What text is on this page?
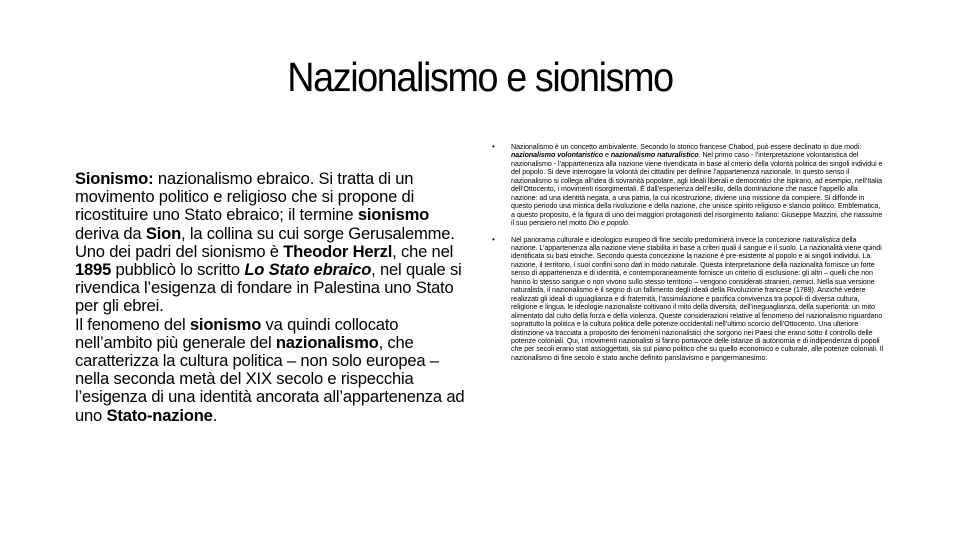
Nazionalismo e sionismo

Sionismo: nazionalismo ebraico. Si tratta di un movimento politico e religioso che si propone di ricostituire uno Stato ebraico; il termine sionismo deriva da Sion, la collina su cui sorge Gerusalemme.

Uno dei padri del sionismo è Theodor Herzl, che nel 1895 pubblicò lo scritto Lo Stato ebraico, nel quale si rivendica l’esigenza di fondare in Palestina uno Stato per gli ebrei.

Il fenomeno del sionismo va quindi collocato nell’ambito più generale del nazionalismo, che caratterizza la cultura politica – non solo europea – nella seconda metà del XIX secolo e rispecchia l’esigenza di una identità ancorata all’appartenenza ad uno Stato-nazione.

• Nazionalismo è un concetto ambivalente. Secondo lo storico francese Chabod, può essere declinato in due modi: nazionalismo volontaristico e nazionalismo naturalistico. Nel primo caso - l’interpretazione volontaristica del nazionalismo - l’appartenenza alla nazione viene rivendicata in base al criterio della volontà politica dei singoli individui e del popolo. Si deve interrogare la volontà dei cittadini per definire l’appartenenza nazionale. In questo senso il nazionalismo si collega all’idea di sovranità popolare, agli ideali liberali e democratici che ispirano, ad esempio, nell’Italia dell’Ottocento, i movimenti risorgimentali. È dall’esperienza dell’esilio, della dominazione che nasce l’appello alla nazione: ad una identità negata, a una patria, la cui ricostruzione, diviene una missione da compiere. Si diffonde in questo periodo una mistica della rivoluzione e della nazione, che unisce spirito religioso e slancio politico. Emblematica, a questo proposito, è la figura di uno dei maggiori protagonisti del risorgimento italiano: Giuseppe Mazzini, che riassume il suo pensiero nel motto Dio e popolo.
• Nel panorama culturale e ideologico europeo di fine secolo predominerà invece la concezione naturalistica della nazione. L’appartenenza alla nazione viene stabilita in base a criteri quali il sangue e il suolo. La nazionalità viene quindi identificata su basi etniche. Secondo questa concezione la nazione è pre-esistente al popolo e ai singoli individui. La nazione, il territorio, i suoi confini sono dati in modo naturale. Questa interpretazione della nazionalità fornisce un forte senso di appartenenza e di identità, e contemporaneamente fornisce un criterio di esclusione: gli altri – quelli che non hanno lo stesso sangue o non vivono sullo stesso territorio – vengono considerati stranieri, nemici. Nella sua versione naturalista, il nazionalismo è il segno di un fallimento degli ideali della Rivoluzione francese (1789). Anziché vedere realizzati gli ideali di uguaglianza e di fraternità, l’assimilazione e pacifica convivenza tra popoli di diversa cultura, religione e lingua, le ideologie nazionaliste coltivano il mito della diversità, dell’ineguaglianza, della superiorità: un mito alimentato dal culto della forza e della violenza. Queste considerazioni relative al fenomeno del nazionalismo riguardano soprattutto la politica e la cultura politica delle potenze occidentali nell’ultimo scorcio dell’Ottocento. Una ulteriore distinzione va tracciata a proposito dei fenomeni nazionalistici che sorgono nei Paesi che erano sotto il controllo delle potenze coloniali. Qui, i movimenti nazionalisti si fanno portavoce delle istanze di autonomia e di indipendenza di popoli che per secoli erano stati assoggettati, sia sul piano politico che su quello economico e culturale, alle potenze coloniali. Il nazionalismo di fine secolo è stato anche definito panslavismo e pangermanesimo.
